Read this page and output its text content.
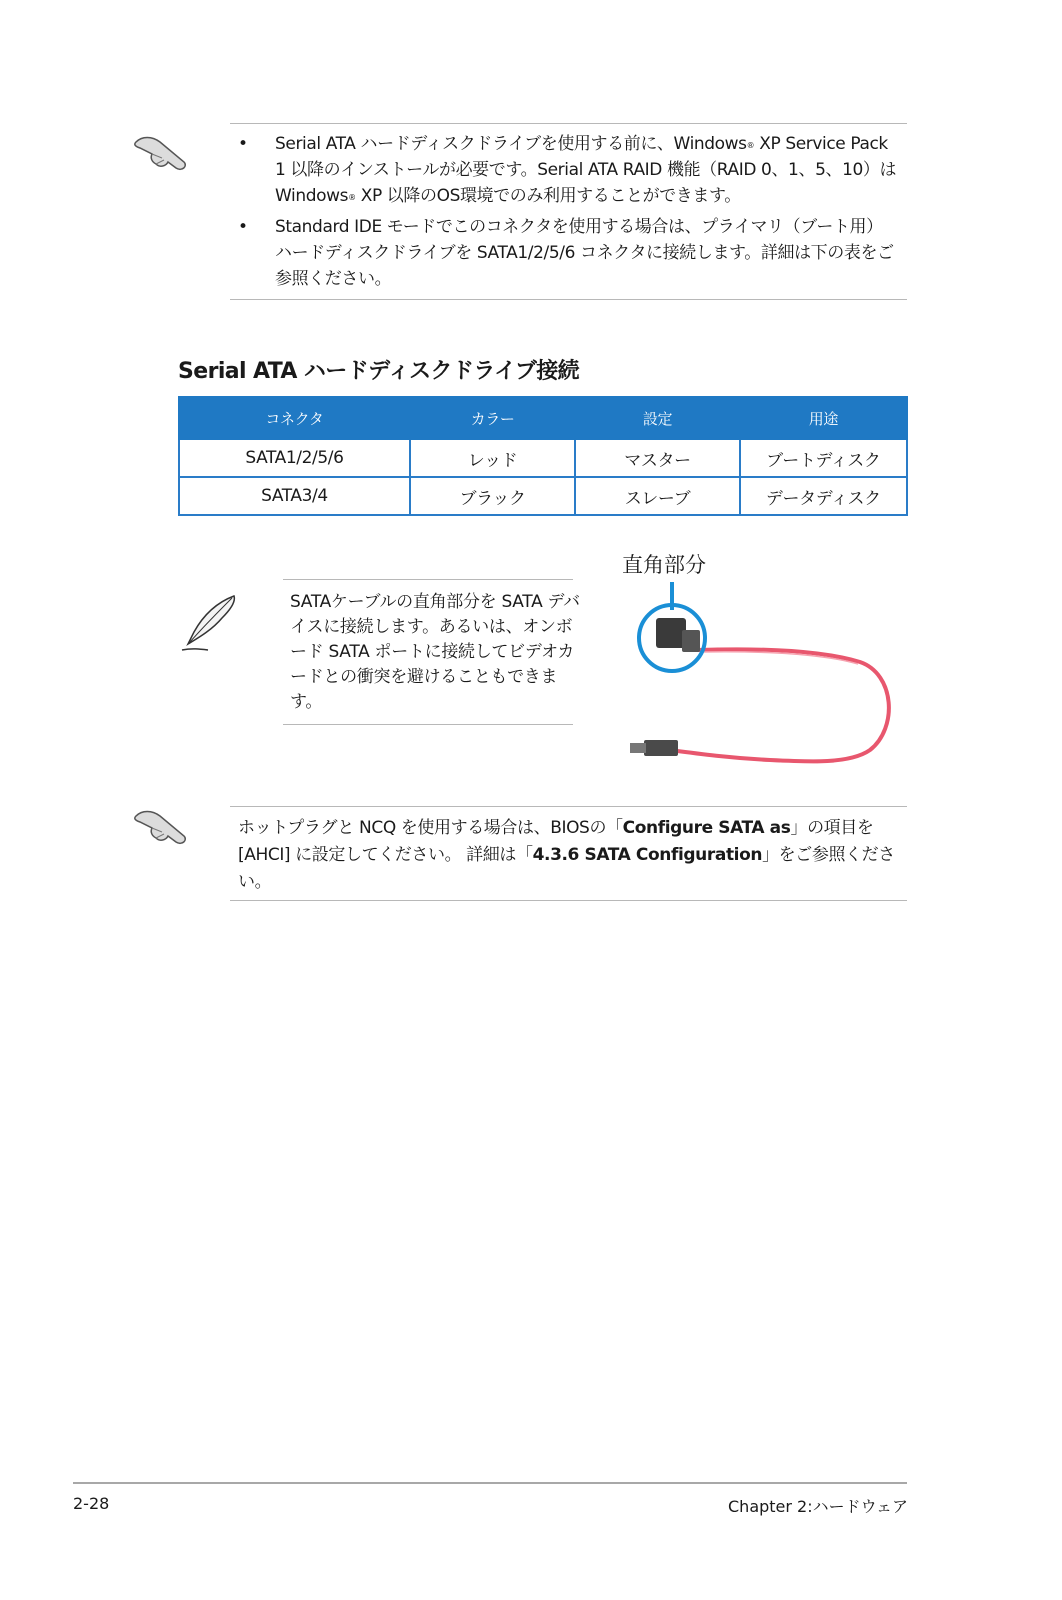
• Serial ATA ハードディスクドライブを使用する前に、Windows® XP Service Pack 1 以降のインストールが必要です。Serial ATA RAID 機能（RAID 0、1、5、10）は Windows® XP 以降のOS環境でのみ利用することができます。
• Standard IDE モードでこのコネクタを使用する場合は、プライマリ（ブート用）ハードディスクドライブを SATA1/2/5/6 コネクタに接続します。詳細は下の表をご参照ください。
Serial ATA ハードディスクドライブ接続
コネクタ	カラー	設定	用途
SATA1/2/5/6	レッド	マスター	ブートディスク
SATA3/4	ブラック	スレーブ	データディスク
SATAケーブルの直角部分を SATA デバイスに接続します。あるいは、オンボード SATA ポートに接続してビデオカードとの衝突を避けることもできます。
直角部分
ホットプラグと NCQ を使用する場合は、BIOSの「Configure SATA as」の項目を [AHCI] に設定してください。 詳細は「4.3.6 SATA Configuration」をご参照ください。
2-28	Chapter 2:ハードウェア
